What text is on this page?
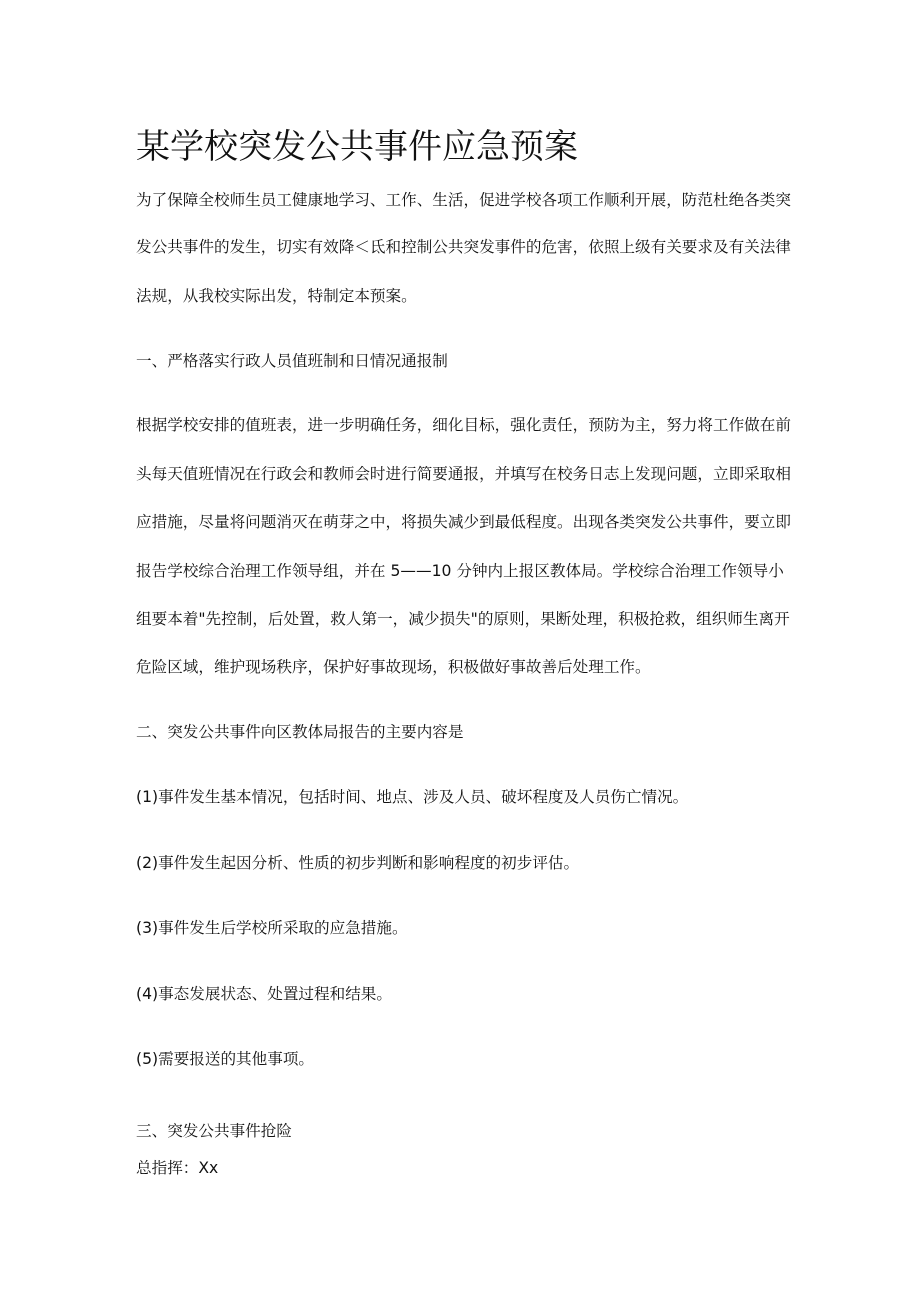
某学校突发公共事件应急预案

为了保障全校师生员工健康地学习、工作、生活，促进学校各项工作顺利开展，防范杜绝各类突

发公共事件的发生，切实有效降＜氐和控制公共突发事件的危害，依照上级有关要求及有关法律

法规，从我校实际出发，特制定本预案。

一、严格落实行政人员值班制和日情况通报制

根据学校安排的值班表，进一步明确任务，细化目标，强化责任，预防为主，努力将工作做在前

头每天值班情况在行政会和教师会时进行简要通报，并填写在校务日志上发现问题，立即采取相

应措施，尽量将问题消灭在萌芽之中，将损失减少到最低程度。出现各类突发公共事件，要立即

报告学校综合治理工作领导组，并在 5——10 分钟内上报区教体局。学校综合治理工作领导小

组要本着"先控制，后处置，救人第一，减少损失"的原则，果断处理，积极抢救，组织师生离开

危险区域，维护现场秩序，保护好事故现场，积极做好事故善后处理工作。

二、突发公共事件向区教体局报告的主要内容是

(1)事件发生基本情况，包括时间、地点、涉及人员、破坏程度及人员伤亡情况。

(2)事件发生起因分析、性质的初步判断和影响程度的初步评估。

(3)事件发生后学校所采取的应急措施。

(4)事态发展状态、处置过程和结果。

(5)需要报送的其他事项。

三、突发公共事件抢险

总指挥：Xx
